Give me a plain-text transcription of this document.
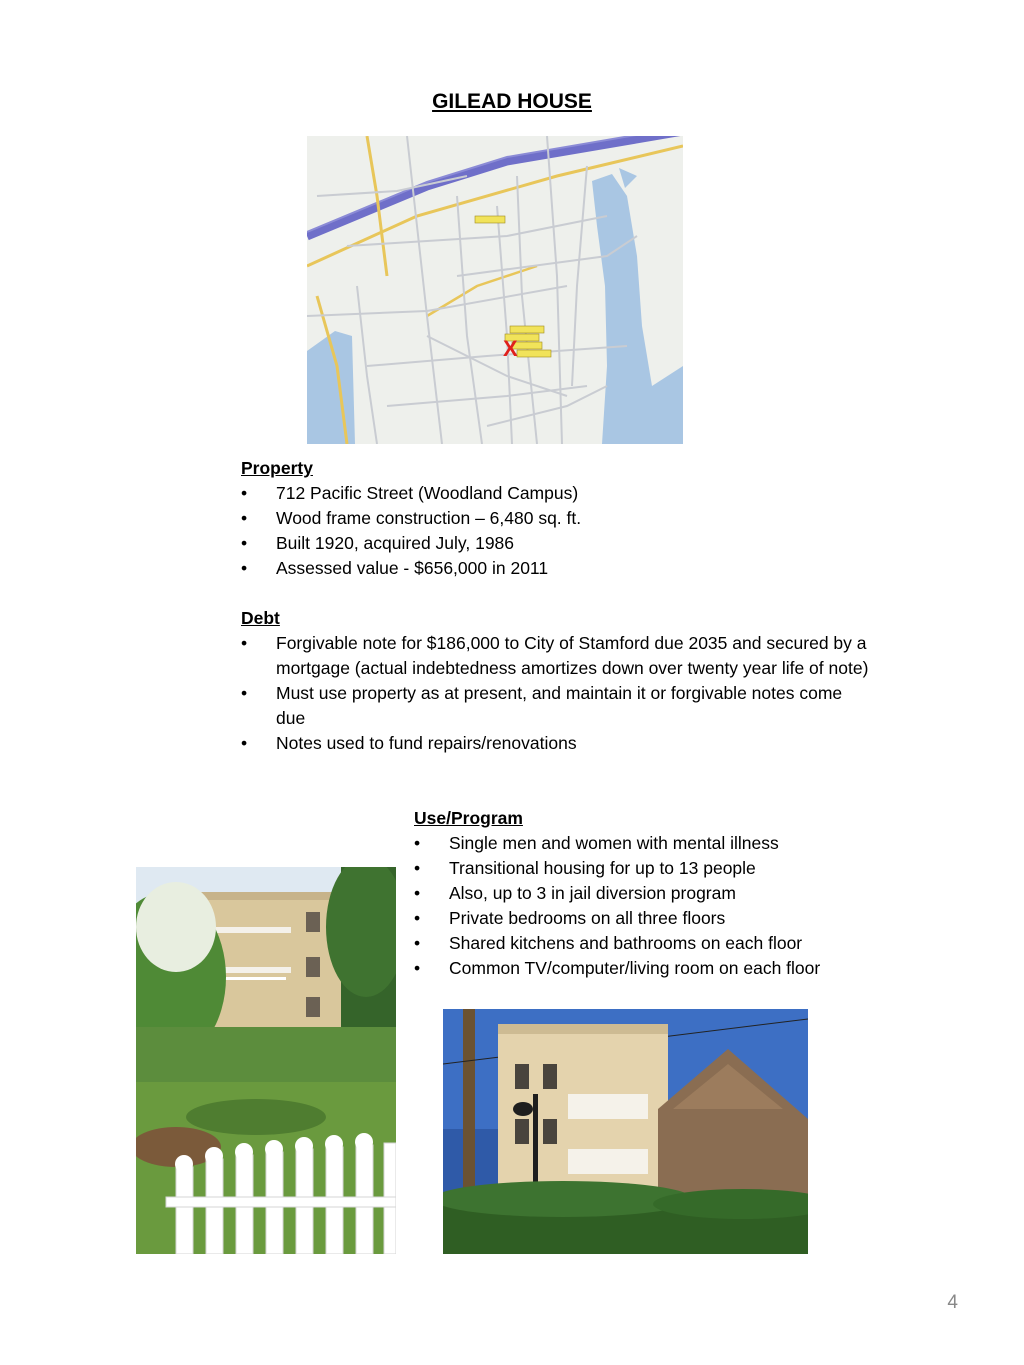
GILEAD HOUSE
X
Property
• 712 Pacific Street (Woodland Campus)
• Wood frame construction – 6,480 sq. ft.
• Built 1920, acquired July, 1986
• Assessed value - $656,000 in 2011
Debt
• Forgivable note for $186,000 to City of Stamford due 2035 and secured by a mortgage (actual indebtedness amortizes down over twenty year life of note)
• Must use property as at present, and maintain it or forgivable notes come due
• Notes used to fund repairs/renovations
Use/Program
• Single men and women with mental illness
• Transitional housing for up to 13 people
• Also, up to 3 in jail diversion program
• Private bedrooms on all three floors
• Shared kitchens and bathrooms on each floor
• Common TV/computer/living room on each floor
4
